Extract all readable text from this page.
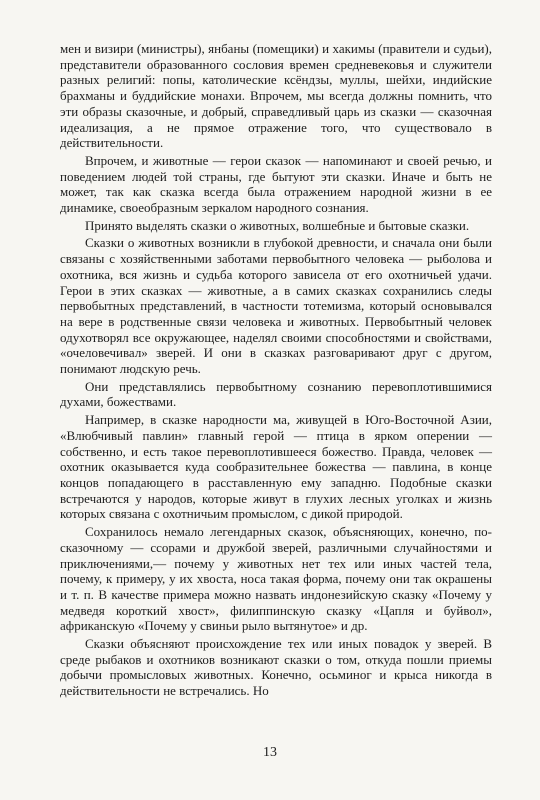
мен и визири (министры), янбаны (помещики) и хакимы (правители и судьи), представители образованного сословия времен средневековья и служители разных религий: попы, католические ксёндзы, муллы, шейхи, индийские брахманы и буддийские монахи. Впрочем, мы всегда должны помнить, что эти образы сказочные, и добрый, справедливый царь из сказки — сказочная идеализация, а не прямое отражение того, что существовало в действительности.

Впрочем, и животные — герои сказок — напоминают и своей речью, и поведением людей той страны, где бытуют эти сказки. Иначе и быть не может, так как сказка всегда была отражением народной жизни в ее динамике, своеобразным зеркалом народного сознания.

Принято выделять сказки о животных, волшебные и бытовые сказки.

Сказки о животных возникли в глубокой древности, и сначала они были связаны с хозяйственными заботами первобытного человека — рыболова и охотника, вся жизнь и судьба которого зависела от его охотничьей удачи. Герои в этих сказках — животные, а в самих сказках сохранились следы первобытных представлений, в частности тотемизма, который основывался на вере в родственные связи человека и животных. Первобытный человек одухотворял все окружающее, наделял своими способностями и свойствами, «очеловечивал» зверей. И они в сказках разговаривают друг с другом, понимают людскую речь.

Они представлялись первобытному сознанию перевоплотившимися духами, божествами.

Например, в сказке народности ма, живущей в Юго-Восточной Азии, «Влюбчивый павлин» главный герой — птица в ярком оперении — собственно, и есть такое перевоплотившееся божество. Правда, человек — охотник оказывается куда сообразительнее божества — павлина, в конце концов попадающего в расставленную ему западню. Подобные сказки встречаются у народов, которые живут в глухих лесных уголках и жизнь которых связана с охотничьим промыслом, с дикой природой.

Сохранилось немало легендарных сказок, объясняющих, конечно, по-сказочному — ссорами и дружбой зверей, различными случайностями и приключениями,— почему у животных нет тех или иных частей тела, почему, к примеру, у их хвоста, носа такая форма, почему они так окрашены и т. п. В качестве примера можно назвать индонезийскую сказку «Почему у медведя короткий хвост», филиппинскую сказку «Цапля и буйвол», африканскую «Почему у свиньи рыло вытянутое» и др.

Сказки объясняют происхождение тех или иных повадок у зверей. В среде рыбаков и охотников возникают сказки о том, откуда пошли приемы добычи промысловых животных. Конечно, осьминог и крыса никогда в действительности не встречались. Но

13
